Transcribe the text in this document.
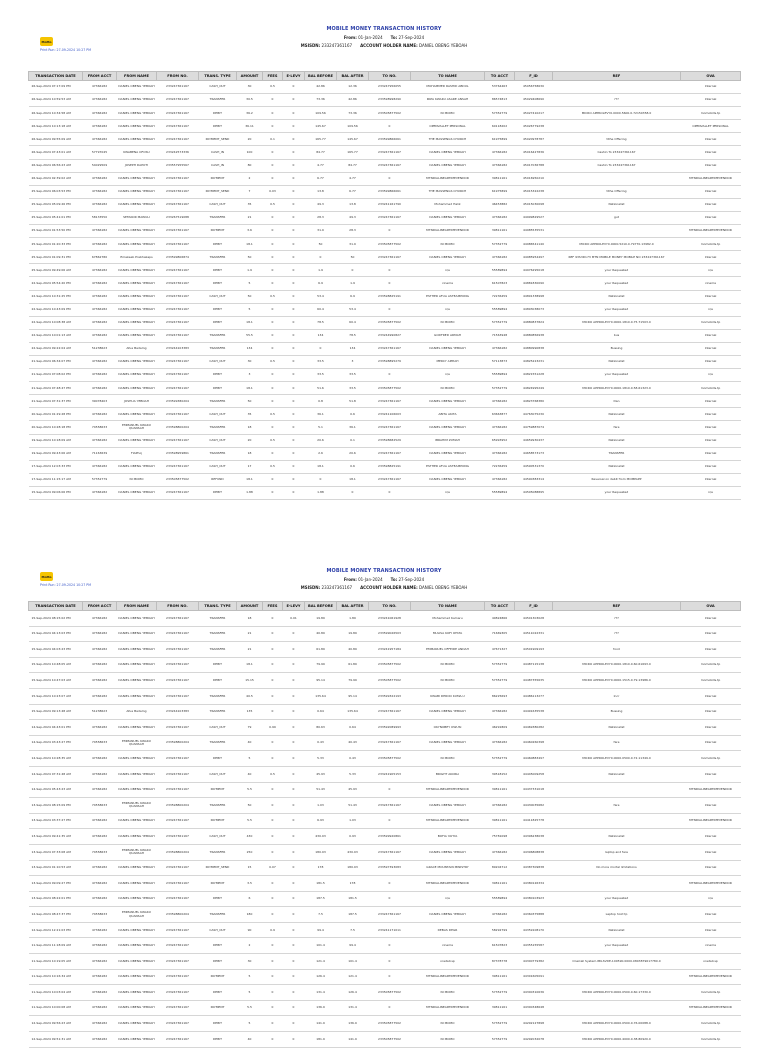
MoMo
Print Run: 27-09-2024 10:27 PM
MOBILE MONEY TRANSACTION HISTORY
From: 01-Jan-2024 To: 27-Sep-2024
MSISDN: 233247361167 ACCOUNT HOLDER NAME: DANIEL OBENG YEBOAH
TRANSACTION DATE	FROM ACCT	FROM NAME	FROM NO.	TRANS. TYPE	AMOUNT	FEES	E-LEVY	BAL BEFORE	BAL AFTER	TO NO.	TO NAME	TO ACCT	F_ID	REF	OVA
26-Sep-2024 07:17:09 PM	47366182	DANIEL OBENG YEBOAH	233247361167	CASH_OUT	30	0.5	0	42.86	12.36	233247956055	MOHAMMED RASHID ABDUL	53764463	45056758630		Internal
26-Sep-2024 10:59:53 AM	47366182	DANIEL OBENG YEBOAH	233247361167	TRANSFER	30.5	0	0	73.36	42.86	233598998290	PAPA KWAKU ASARE ANSAH	86574813	45029408690	???	Internal
26-Sep-2024 10:34:58 AM	47366182	DANIEL OBENG YEBOAH	233247361167	DEBIT	36.2	0	0	109.56	73.36	233505877502	NI MOMO	57352779	45027410217	MICRO APPROLEVY0.0000.5600.0.72150358.0	momobills.tp
26-Sep-2024 10:13:18 AM	47366182	DANIEL OBENG YEBOAH	233247361167	DEBIT	36.11	0	0	145.67	109.56	0	OPENVALLET PERSONAL	60118202	45026779238		OPENVALLET PERSONAL
26-Sep-2024 09:55:09 AM	47366182	DANIEL OBENG YEBOAH	233247361167	PAYMENT_SEND	20	0.1	0	165.77	145.67	233599866061	THE MASSENGS CHURCH	61975899	45020978787	tithe Offering	Internal
26-Sep-2024 07:43:01 AM	57797045	KWABENA OFOSU	233242573336	CASH_IN	100	0	0	84.77	165.77	233247361167	DANIEL OBENG YEBOAH	47366182	45016427836	Cashin To 233247361167	Internal
26-Sep-2024 06:56:23 AM	54029509	JOSEPH DAPOTI	233557955567	CASH_IN	80	0	0	4.77	84.77	233247361167	DANIEL OBENG YEBOAH	47366182	45017036788	Cashin To 233247361167	Internal
26-Sep-2024 02:39:02 AM	47366182	DANIEL OBENG YEBOAH	233247361167	PAYMENT	2	0	0	6.77	4.77	0	MTNDIALINEARTIMEVENDOR	39811161	45016950210		MTNDIALINEARTIMEVENDOR
25-Sep-2024 06:03:53 PM	47366182	DANIEL OBENG YEBOAH	233247361167	PAYMENT_SEND	7	0.03	0	13.8	6.77	233599866061	THE MASSENGS CHURCH	61975899	45015322238	tithe Offering	Internal
25-Sep-2024 05:09:26 PM	47366182	DANIEL OBENG YEBOAH	233247361167	CASH_OUT	35	0.5	0	49.3	13.8	233241161790	Mohammed Halik	46453882	45015030098	Nationalist	Internal
25-Sep-2024 05:41:01 PM	58133550	SEFAKOR MAWULI	233267519088	TRANSFER	21	0	0	28.3	49.3	233247361167	DANIEL OBENG YEBOAH	47366182	44999829527	gut	Internal
25-Sep-2024 01:53:50 PM	47366182	DANIEL OBENG YEBOAH	233247361167	PAYMENT	3.6	0	0	31.9	28.3	0	MTNDIALINEARTIMEVENDOR	39811161	44985535531		MTNDIALINEARTIMEVENDOR
25-Sep-2024 01:20:33 PM	47366182	DANIEL OBENG YEBOAH	233247361167	DEBIT	18.1	0	0	50	31.9	233505877502	NI MOMO	57352779	44986541140	MICRO APPROLEVY0.0000.5210.0.79770.13982.0	momobills.tp
25-Sep-2024 01:09:31 PM	67862780	Emakeeb Prabhakaps	233599806874	TRANSFER	50	0	0	0	50	233247361167	DANIEL OBENG YEBOAH	47366182	44985954497	REF 93S3D173 MTN MOBILE MONEY MOBILE NO 233247361167	Internal
25-Sep-2024 09:49:06 AM	47366182	DANIEL OBENG YEBOAH	233247361167	DEBIT	1.9	0	0	1.9	0	0	n/a	55589894	44976295018	your Requested	n/a
22-Sep-2024 05:54:20 PM	47366182	DANIEL OBENG YEBOAH	233247361167	DEBIT	5	0	0	6.9	1.9	0	cinema	61507823	44881830090	your Requested	cinema
22-Sep-2024 10:31:25 PM	47366182	DANIEL OBENG YEBOAH	233247361167	CASH_OUT	50	0.5	0	53.4	6.9	233598825191	ESTHER AFUA ASTEAMPONG	72236459	44891338998	Nationalist	Internal
22-Sep-2024 10:43:09 PM	47366182	DANIEL OBENG YEBOAH	233247361167	DEBIT	5	0	0	60.4	53.4	0	n/a	55589894	44893038073	your Requested	n/a
22-Sep-2024 10:08:38 AM	47366182	DANIEL OBENG YEBOAH	233247361167	DEBIT	18.1	0	0	78.5	60.4	233505877502	NI MOMO	57352779	44880837824	MICRO APPROLEVY0.0000.1810.0.75.71503.0	momobills.tp
22-Sep-2024 10:01:13 AM	47366182	DANIEL OBENG YEBOAH	233247361167	TRANSFER	55.5	0	0	134	78.5	233244990827	GODFRED ARMAH	71563948	44880856938	bus	Internal
22-Sep-2024 09:22:04 AM	51238623	Afua Badamg	233244103383	TRANSFER	134	0	0	0	134	233247361167	DANIEL OBENG YEBOAH	47366182	44880990838	Bussing	Internal
21-Sep-2024 06:34:07 PM	47366182	DANIEL OBENG YEBOAH	233247361167	CASH_OUT	30	0.5	0	33.5	3	233598895279	MERCY APPIAH	57113873	44825223231	Nationalist	Internal
21-Sep-2024 07:08:02 PM	47366182	DANIEL OBENG YEBOAH	233247361167	DEBIT	3	0	0	33.5	33.5	0	n/a	55589894	44821551228	your Requested	n/a
21-Sep-2024 07:48:47 PM	47366182	DANIEL OBENG YEBOAH	233247361167	DEBIT	18.1	0	0	51.6	33.5	233505877502	NI MOMO	57352779	44824995249	MICRO APPROLEVY0.0000.1810.0.58.61323.0	momobills.tp
21-Sep-2024 07:31:37 PM	39078403	JOSHUA YEBOAH	233599380204	TRANSFER	50	0	0	0.8	51.8	233247361167	DANIEL OBENG YEBOAH	47366182	44823768380	Dan	Internal
20-Sep-2024 01:29:28 PM	47366182	DANIEL OBENG YEBOAH	233247361167	CASH_OUT	35	0.5	0	36.1	0.6	233241106003	ABITA AKITA	63663877	44763075230	Nationalist	Internal
20-Sep-2024 10:28:18 PM	74558633	EMMANUEL KWAKU QUANSAH	233598800204	TRANSFER	18	0	0	5.1	36.1	233247361167	DANIEL OBENG YEBOAH	47366182	44759887074	fare	Internal
19-Sep-2024 10:18:09 AM	47366182	DANIEL OBENG YEBOAH	233247361167	CASH_OUT	20	0.5	0	20.6	0.1	233598682529	IBRAHIM ZUMAH	65993952	44659930437	Nationalist	Internal
19-Sep-2024 09:43:06 AM	71163639	FIAPhoj	233598959861	TRANSFER	18	0	0	2.6	20.6	233247361167	DANIEL OBENG YEBOAH	47366182	44658573173	TRANSFER	Internal
17-Sep-2024 12:03:33 PM	47366182	DANIEL OBENG YEBOAH	233247361167	CASH_OUT	17	0.5	0	18.1	0.6	233598825191	ESTHER AFUA ASTEAMPONG	72236459	44590531370	Nationalist	Internal
17-Sep-2024 11:15:17 AM	57352779	NI MOMO	233505877502	REFUND	18.1	0	0	0	18.1	233247361167	DANIEL OBENG YEBOAH	47366182	44590383314	Reversal on debit from MOMPAPP	Internal
15-Sep-2024 09:06:06 PM	47366182	DANIEL OBENG YEBOAH	233247361167	DEBIT	1.88	0	0	1.88	0	0	n/a	55589894	44505088895	your Requested	n/a
MoMo
Print Run: 27-09-2024 10:27 PM
MOBILE MONEY TRANSACTION HISTORY
From: 01-Jan-2024 To: 27-Sep-2024
MSISDN: 233247361167 ACCOUNT HOLDER NAME: DANIEL OBENG YEBOAH
TRANSACTION DATE	FROM ACCT	FROM NAME	FROM NO.	TRANS. TYPE	AMOUNT	FEES	E-LEVY	BAL BEFORE	BAL AFTER	TO NO.	TO NAME	TO ACCT	F_ID	REF	OVA
15-Sep-2024 08:15:02 PM	47366182	DANIEL OBENG YEBOAH	233247361167	TRANSFER	18	0	0.01	19.89	1.89	233241061928	Mohammed Kamaru	40824866	44501303028	???	Internal
15-Sep-2024 04:13:03 PM	47366182	DANIEL OBENG YEBOAH	233247361167	TRANSFER	21	0	0	40.89	19.89	233599026503	MULISA KOFI OFATA	71669305	44511022331	???	Internal
15-Sep-2024 04:03:23 PM	47366182	DANIEL OBENG YEBOAH	233247361167	TRANSFER	21	0	0	61.89	40.89	233241957184	EMMANUEL OFFEIDE ANDAH	47671327	44501909193	food	Internal
15-Sep-2024 10:48:05 AM	47366182	DANIEL OBENG YEBOAH	233247361167	DEBIT	18.1	0	0	79.99	61.89	233505877502	NI MOMO	57352779	44487115138	MICRO APPROLEVY0.0000.1810.0.60.61693.0	momobills.tp
15-Sep-2024 10:47:03 AM	47366182	DANIEL OBENG YEBOAH	233247361167	DEBIT	15.15	0	0	95.14	79.99	233505877502	NI MOMO	57352779	44487355635	MICRO APPROLEVY0.0000.1515.0.79.13986.0	momobills.tp
15-Sep-2024 10:23:07 AM	47366182	DANIEL OBENG YEBOAH	233247361167	TRANSFER	40.5	0	0	135.64	95.14	233599322193	KWABI DEROO KUMA.U	86225693	44486113277	Incr	Internal
15-Sep-2024 09:13:48 AM	51238623	Afua Badamg	233244103383	TRANSFER	135	0	0	0.64	135.64	233247361167	DANIEL OBENG YEBOAH	47366182	44491635538	Bussing	Internal
14-Sep-2024 04:43:01 PM	47366182	DANIEL OBENG YEBOAH	233247361167	CASH_OUT	79	0.99	0	80.63	0.64	233592089993	OKYNOBEY OWUSI	46291809	44469380282	Nationalist	Internal
14-Sep-2024 03:43:27 PM	74558633	EMMANUEL KWAKU QUANSAH	233598800204	TRANSFER	40	0	0	0.43	40.43	233247361167	DANIEL OBENG YEBOAH	47366182	44460260398	fare	Internal
14-Sep-2024 10:28:35 AM	47366182	DANIEL OBENG YEBOAH	233247361167	DEBIT	5	0	0	5.33	0.43	233505877502	NI MOMO	57352779	44460883497	MICRO APPROLEVY0.0000.0500.0.72.11349.0	momobills.tp
14-Sep-2024 07:31:48 AM	47366182	DANIEL OBENG YEBOAH	233247361167	CASH_OUT	40	0.5	0	45.93	5.33	233241905153	BRIGHT AKORLI	39518152	44445009258	Nationalist	Internal
14-Sep-2024 05:43:23 AM	47366182	DANIEL OBENG YEBOAH	233247361167	PAYMENT	5.5	0	0	51.43	45.93	0	MTNDIALINEARTIMEVENDOR	39811161	44437331018		MTNDIALINEARTIMEVENDOR
13-Sep-2024 08:15:09 PM	74558633	EMMANUEL KWAKU QUANSAH	233598800204	TRANSFER	50	0	0	1.03	51.43	233247361167	DANIEL OBENG YEBOAH	47366182	44430035682	fare	Internal
13-Sep-2024 03:37:27 PM	47366182	DANIEL OBENG YEBOAH	233247361167	PAYMENT	5.5	0	0	6.93	1.03	0	MTNDIALINEARTIMEVENDOR	39811161	44411825778		MTNDIALINEARTIMEVENDOR
13-Sep-2024 09:41:35 AM	47366182	DANIEL OBENG YEBOAH	233247361167	CASH_OUT	430	0	0	430.93	0.93	233599920861	BOFIA YAHYA	75781098	44396238038	Nationalist	Internal
13-Sep-2024 07:33:08 AM	74558633	EMMANUEL KWAKU QUANSAH	233598800204	TRANSFER	250	0	0	180.93	430.93	233247361167	DANIEL OBENG YEBOAH	47366182	44396808838	laptop and fare	Internal
13-Sep-2024 01:10:53 AM	47366182	DANIEL OBENG YEBOAH	233247361167	PAYMENT_SEND	15	0.07	0	178	180.93	233597393083	GRACE MOUNTAIN MINISTRY	89204712	44387309838	No more mortal limitations	Internal
13-Sep-2024 09:09:27 PM	47366182	DANIEL OBENG YEBOAH	233247361167	PAYMENT	3.5	0	0	181.5	178	0	MTNDIALINEARTIMEVENDOR	39811161	44380126334		MTNDIALINEARTIMEVENDOR
13-Sep-2024 08:22:01 PM	47366182	DANIEL OBENG YEBOAH	233247361167	DEBIT	6	0	0	187.5	181.5	0	n/a	55589894	44380103923	your Requested	n/a
12-Sep-2024 08:47:37 PM	74558633	EMMANUEL KWAKU QUANSAH	233598800204	TRANSFER	180	0	0	7.5	187.5	233247361167	DANIEL OBENG YEBOAH	47366182	44360375888	Laptop hold tp	Internal
12-Sep-2024 12:21:03 PM	47366182	DANIEL OBENG YEBOAH	233247361167	CASH_OUT	90	0.9	0	99.4	7.5	233241171011	DEBAS DEGR	58292799	44359108170	Nationalist	Internal
11-Sep-2024 11:18:09 AM	47366182	DANIEL OBENG YEBOAH	233247361167	DEBIT	2	0	0	101.4	99.4	0	cinema	61507823	44355155587	your Requested	cinema
11-Sep-2024 10:19:05 AM	47366182	DANIEL OBENG YEBOAH	233247361167	DEBIT	30	0	0	121.4	101.4	0	onetall.sp	87378778	44300779382	OneCall System.IBILSVDE-100590.0000.0803879617780.0	onetall.sp
11-Sep-2024 10:16:34 AM	47366182	DANIEL OBENG YEBOAH	233247361167	PAYMENT	5	0	0	126.4	121.4	0	MTNDIALINEARTIMEVENDOR	39811161	44301605091		MTNDIALINEARTIMEVENDOR
11-Sep-2024 10:03:04 AM	47366182	DANIEL OBENG YEBOAH	233247361167	DEBIT	5	0	0	131.4	126.4	233505877502	NI MOMO	57352779	44300310636	MICRO APPROLEVY0.0000.0500.0.60.17330.0	momobills.tp
11-Sep-2024 10:00:08 AM	47366182	DANIEL OBENG YEBOAH	233247361167	PAYMENT	5.5	0	0	136.9	131.4	0	MTNDIALINEARTIMEVENDOR	39811161	44300348648		MTNDIALINEARTIMEVENDOR
12-Sep-2024 09:56:23 AM	47366182	DANIEL OBENG YEBOAH	233247361167	DEBIT	5	0	0	141.9	136.9	233505877502	NI MOMO	57352779	44292127898	MICRO APPROLEVY0.0000.0500.0.76.00088.0	momobills.tp
12-Sep-2024 09:51:31 AM	47366182	DANIEL OBENG YEBOAH	233247361167	DEBIT	40	0	0	181.9	141.9	233505877502	NI MOMO	57352779	44292032078	MICRO APPROLEVY0.0000.4000.0.38.80920.0	momobills.tp
